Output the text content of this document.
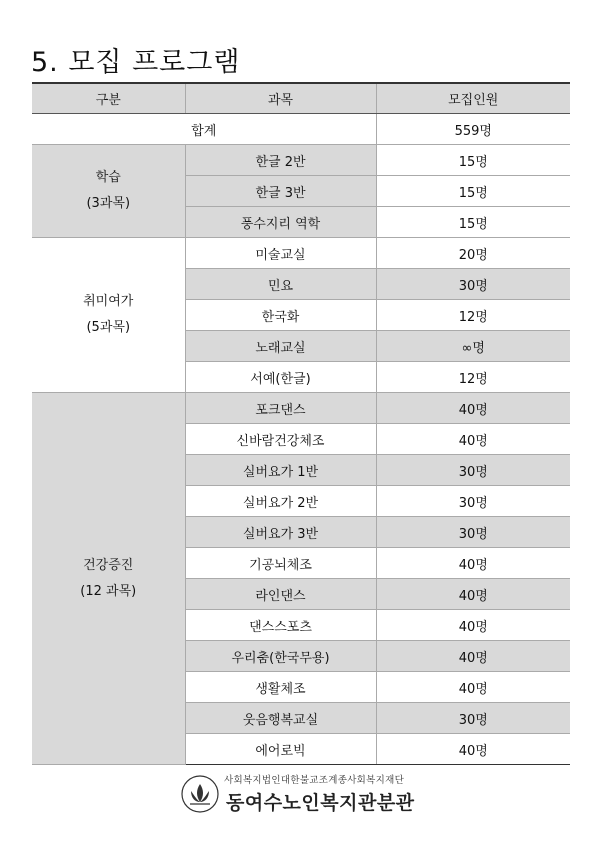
5. 모집 프로그램
구분	과목	모집인원
합계		559명

학습
(3과목)	한글 2반	15명
	한글 3반	15명
	풍수지리 역학	15명

취미여가
(5과목)	미술교실	20명
	민요	30명
	한국화	12명
	노래교실	∞명
	서예(한글)	12명

건강증진
(12 과목)	포크댄스	40명
	신바람건강체조	40명
	실버요가 1반	30명
	실버요가 2반	30명
	실버요가 3반	30명
	기공뇌체조	40명
	라인댄스	40명
	댄스스포츠	40명
	우리춤(한국무용)	40명
	생활체조	40명
	웃음행복교실	30명
	에어로빅	40명
사회복지법인대한불교조계종사회복지재단
동여수노인복지관분관
